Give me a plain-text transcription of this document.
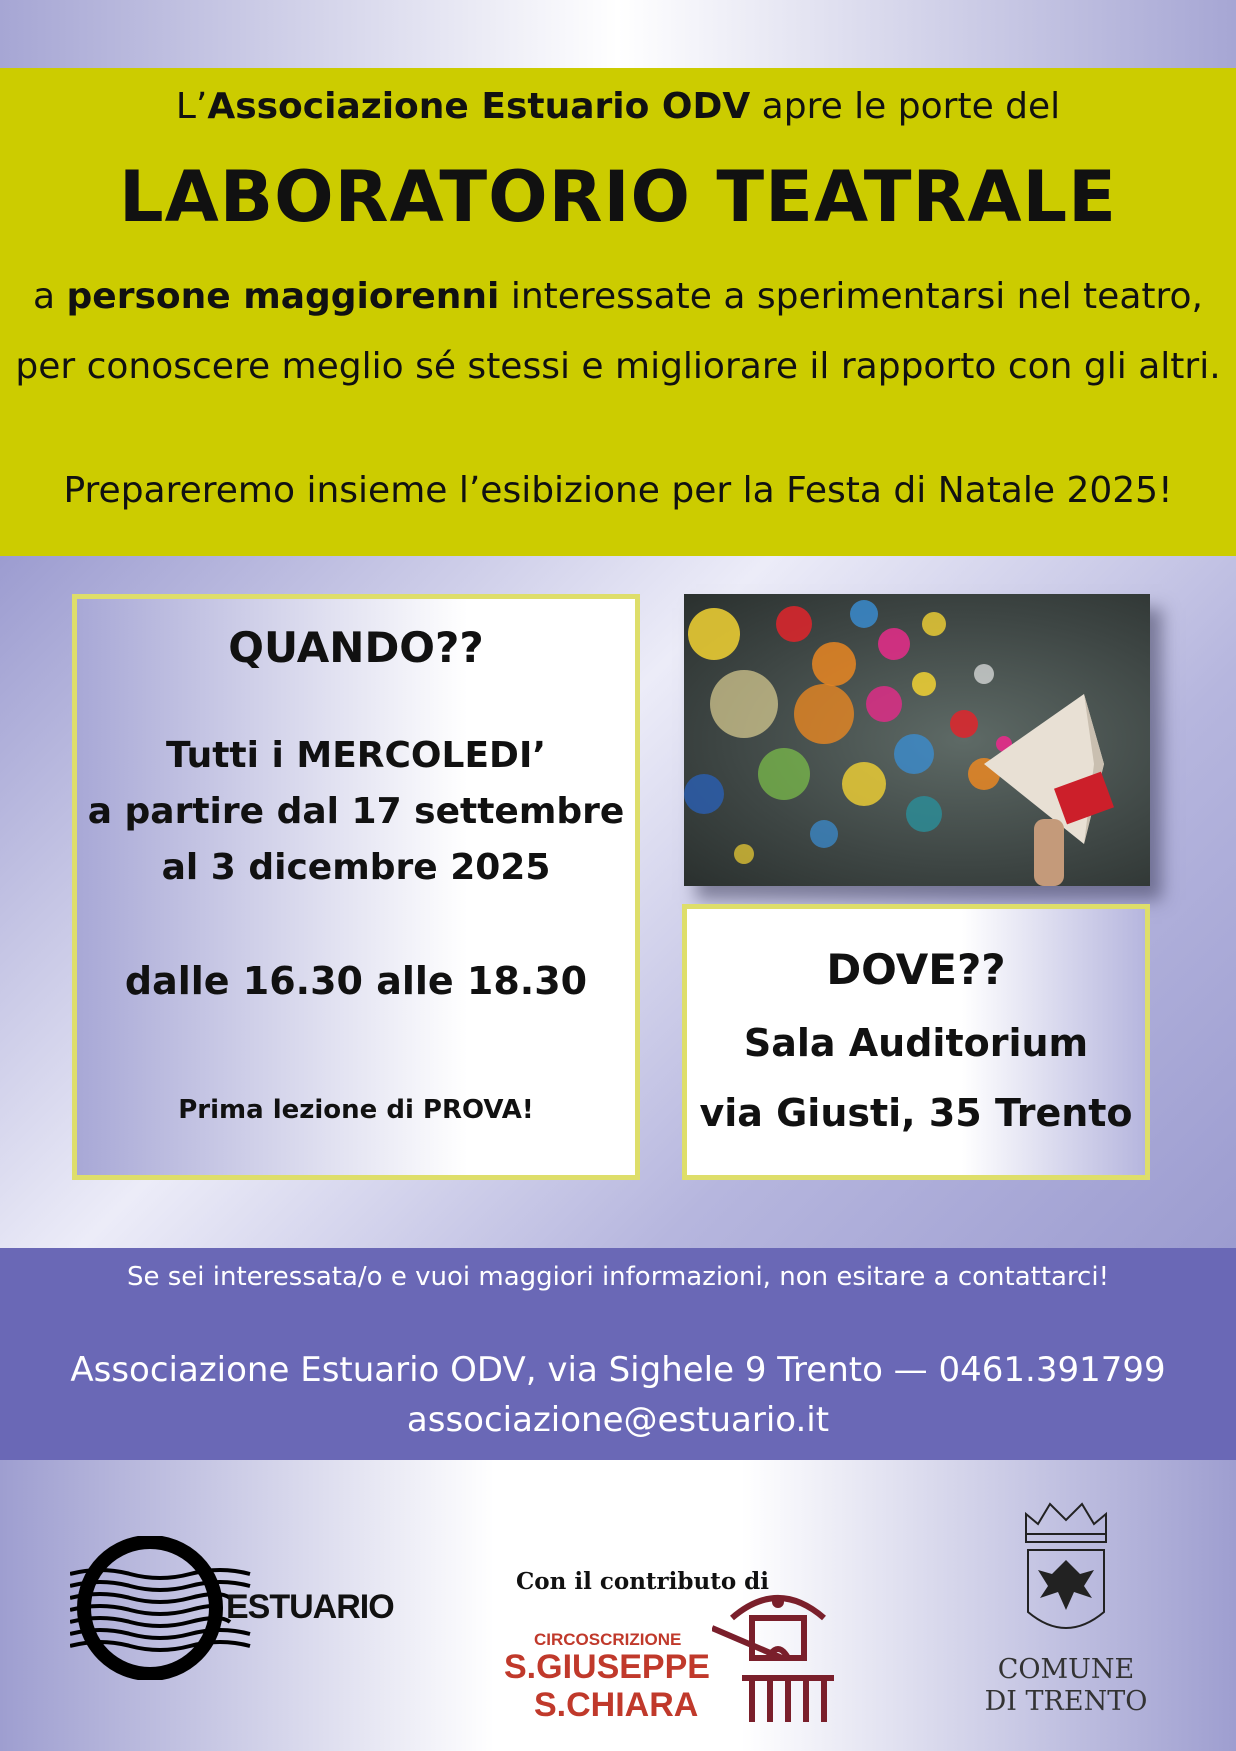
L’Associazione Estuario ODV apre le porte del
LABORATORIO TEATRALE
a persone maggiorenni interessate a sperimentarsi nel teatro,
per conoscere meglio sé stessi e migliorare il rapporto con gli altri.
Prepareremo insieme l’esibizione per la Festa di Natale 2025!
QUANDO??
Tutti i MERCOLEDI’
a partire dal 17 settembre
al 3 dicembre 2025
dalle 16.30 alle 18.30
Prima lezione di PROVA!
DOVE??
Sala Auditorium
via Giusti, 35 Trento
Se sei interessata/o e vuoi maggiori informazioni, non esitare a contattarci!
Associazione Estuario ODV, via Sighele 9 Trento — 0461.391799
associazione@estuario.it
ESTUARIO
Con il contributo di
CIRCOSCRIZIONE
S.GIUSEPPE
S.CHIARA
COMUNE
DI TRENTO
